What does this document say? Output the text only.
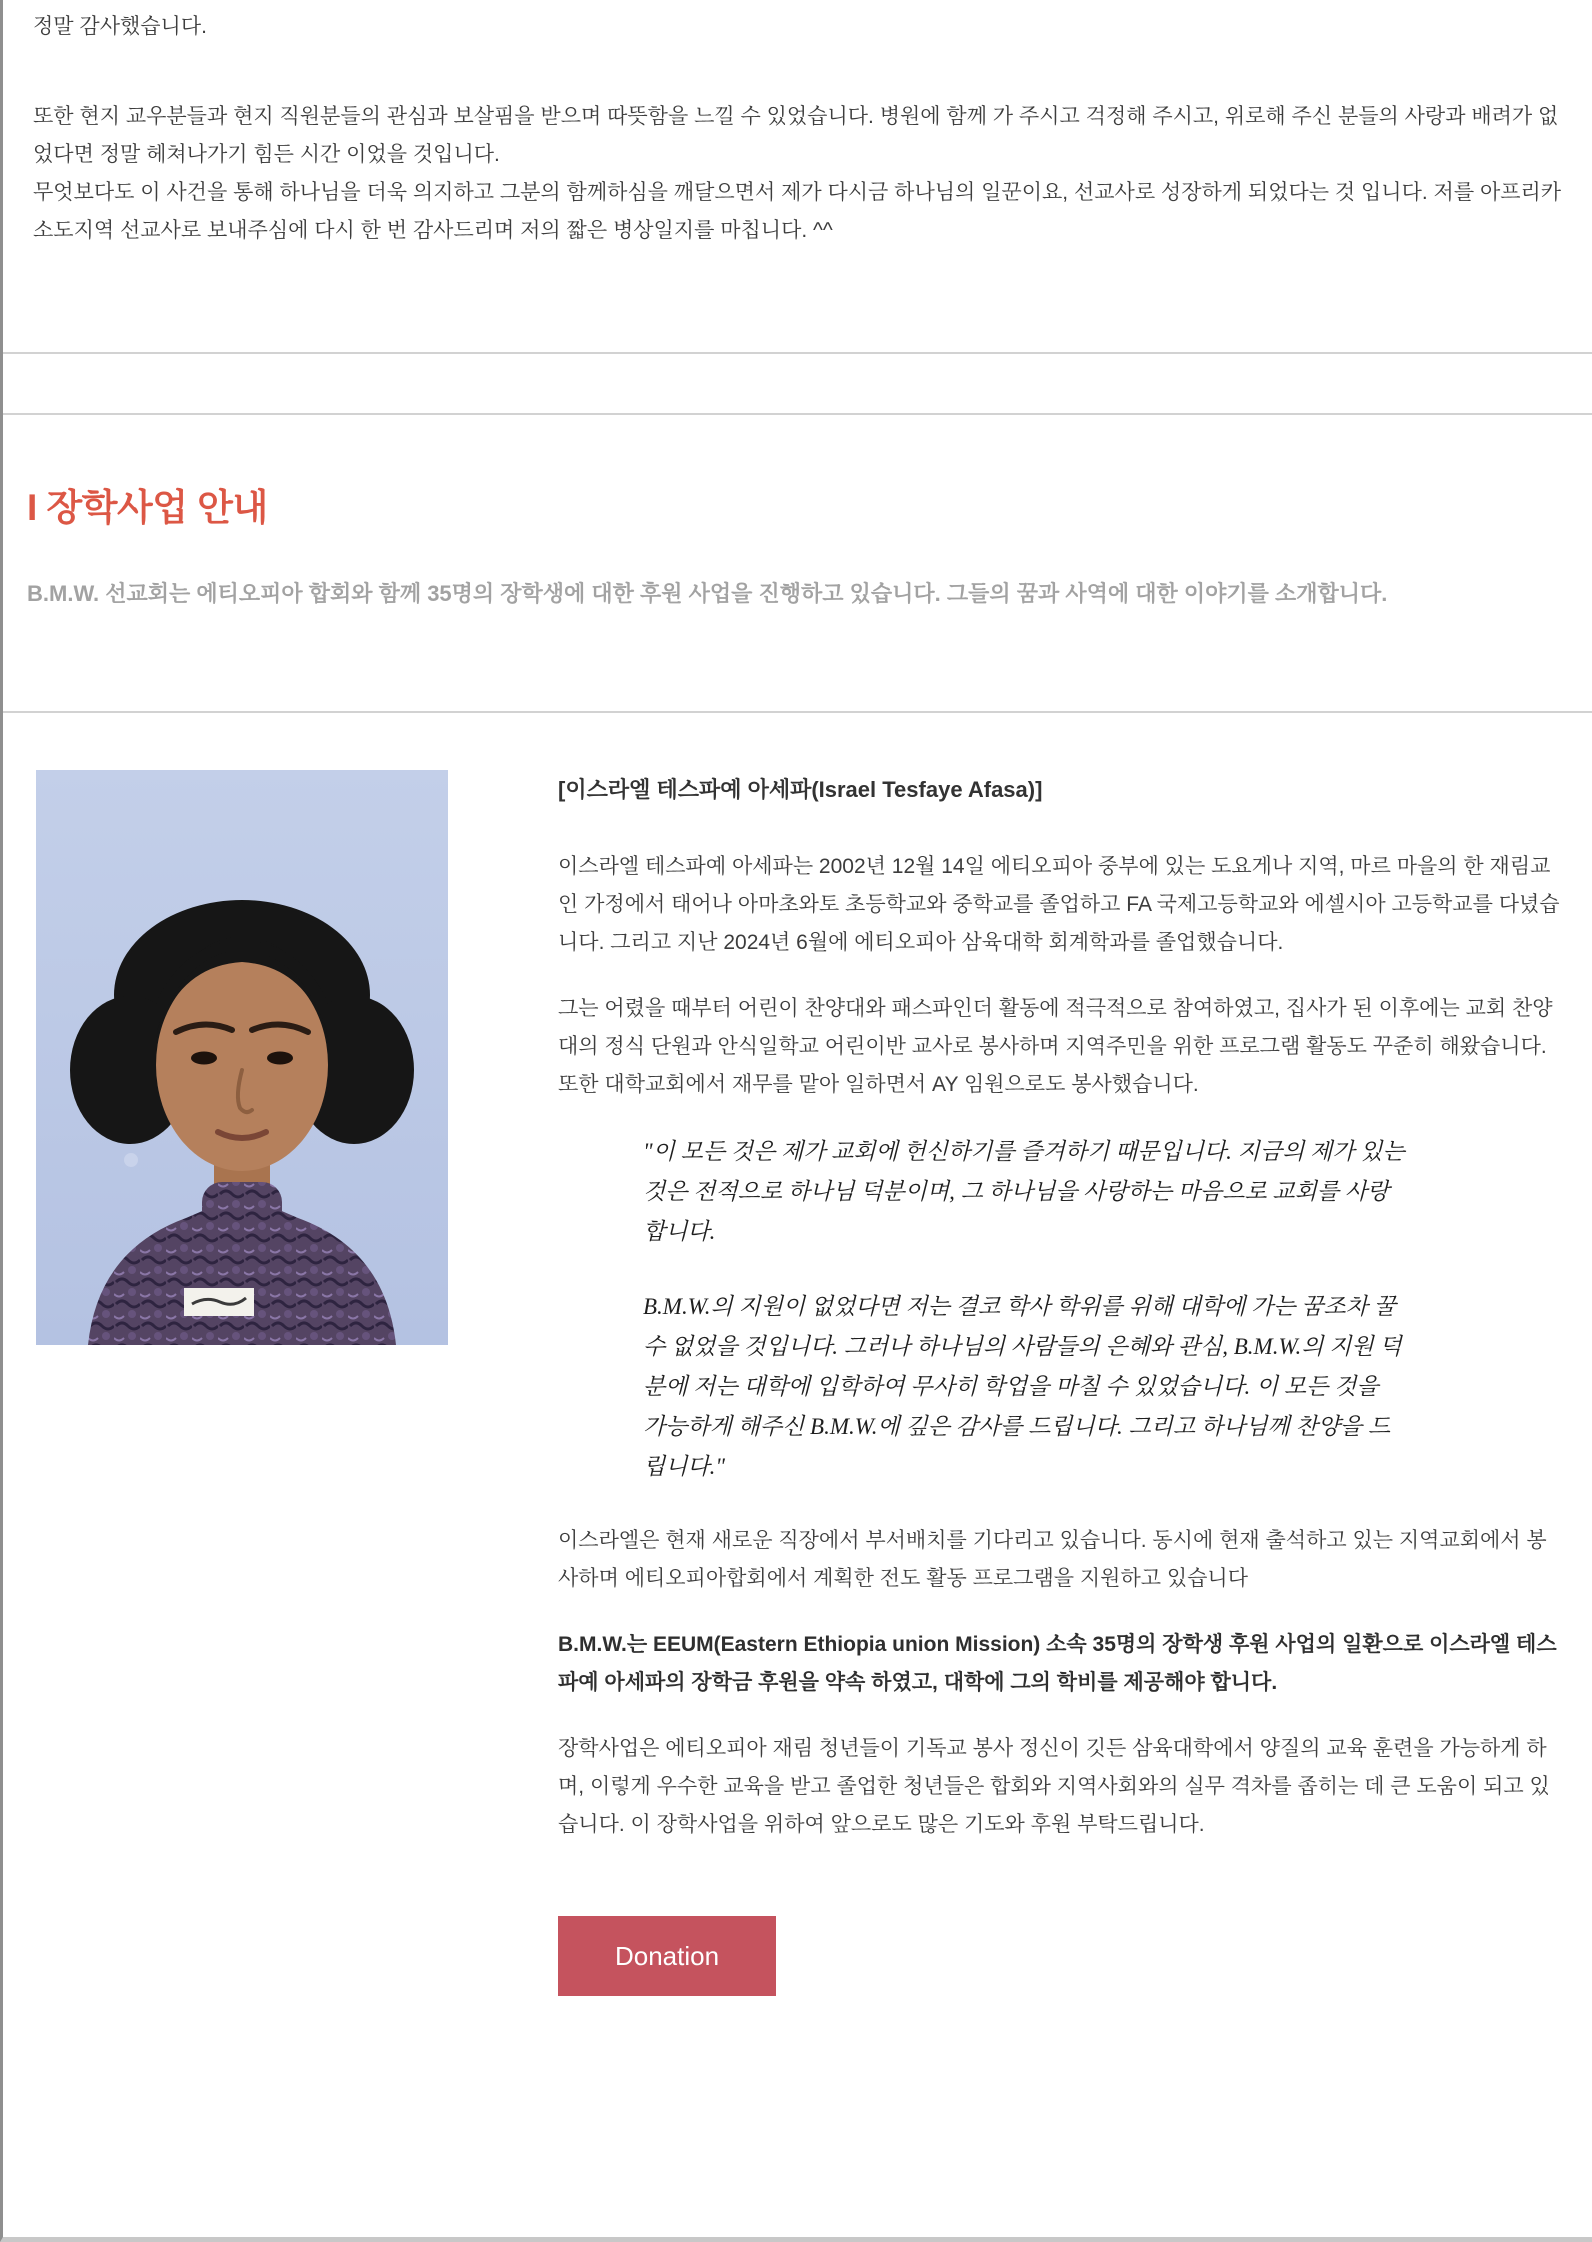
정말 감사했습니다.

또한 현지 교우분들과 현지 직원분들의 관심과 보살핌을 받으며 따뜻함을 느낄 수 있었습니다. 병원에 함께 가 주시고 걱정해 주시고, 위로해 주신 분들의 사랑과 배려가 없었다면 정말 헤쳐나가기 힘든 시간 이었을 것입니다.

무엇보다도 이 사건을 통해 하나님을 더욱 의지하고 그분의 함께하심을 깨달으면서 제가 다시금 하나님의 일꾼이요, 선교사로 성장하게 되었다는 것 입니다. 저를 아프리카 소도지역 선교사로 보내주심에 다시 한 번 감사드리며 저의 짧은 병상일지를 마칩니다. ^^

I 장학사업 안내

B.M.W. 선교회는 에티오피아 합회와 함께 35명의 장학생에 대한 후원 사업을 진행하고 있습니다. 그들의 꿈과 사역에 대한 이야기를 소개합니다.

[이스라엘 테스파예 아세파(Israel Tesfaye Afasa)]

이스라엘 테스파예 아세파는 2002년 12월 14일 에티오피아 중부에 있는 도요게나 지역, 마르 마을의 한 재림교인 가정에서 태어나 아마초와토 초등학교와 중학교를 졸업하고 FA 국제고등학교와 에셀시아 고등학교를 다녔습니다. 그리고 지난 2024년 6월에 에티오피아 삼육대학 회계학과를 졸업했습니다.

그는 어렸을 때부터 어린이 찬양대와 패스파인더 활동에 적극적으로 참여하였고, 집사가 된 이후에는 교회 찬양대의 정식 단원과 안식일학교 어린이반 교사로 봉사하며 지역주민을 위한 프로그램 활동도 꾸준히 해왔습니다. 또한 대학교회에서 재무를 맡아 일하면서 AY 임원으로도 봉사했습니다.

"이 모든 것은 제가 교회에 헌신하기를 즐겨하기 때문입니다. 지금의 제가 있는 것은 전적으로 하나님 덕분이며, 그 하나님을 사랑하는 마음으로 교회를 사랑합니다.

B.M.W.의 지원이 없었다면 저는 결코 학사 학위를 위해 대학에 가는 꿈조차 꿀 수 없었을 것입니다. 그러나 하나님의 사람들의 은혜와 관심, B.M.W.의 지원 덕분에 저는 대학에 입학하여 무사히 학업을 마칠 수 있었습니다. 이 모든 것을 가능하게 해주신 B.M.W.에 깊은 감사를 드립니다. 그리고 하나님께 찬양을 드립니다."

이스라엘은 현재 새로운 직장에서 부서배치를 기다리고 있습니다. 동시에 현재 출석하고 있는 지역교회에서 봉사하며 에티오피아합회에서 계획한 전도 활동 프로그램을 지원하고 있습니다

B.M.W.는 EEUM(Eastern Ethiopia union Mission) 소속 35명의 장학생 후원 사업의 일환으로 이스라엘 테스파예 아세파의 장학금 후원을 약속 하였고, 대학에 그의 학비를 제공해야 합니다.

장학사업은 에티오피아 재림 청년들이 기독교 봉사 정신이 깃든 삼육대학에서 양질의 교육 훈련을 가능하게 하며, 이렇게 우수한 교육을 받고 졸업한 청년들은 합회와 지역사회와의 실무 격차를 좁히는 데 큰 도움이 되고 있습니다. 이 장학사업을 위하여 앞으로도 많은 기도와 후원 부탁드립니다.

Donation
